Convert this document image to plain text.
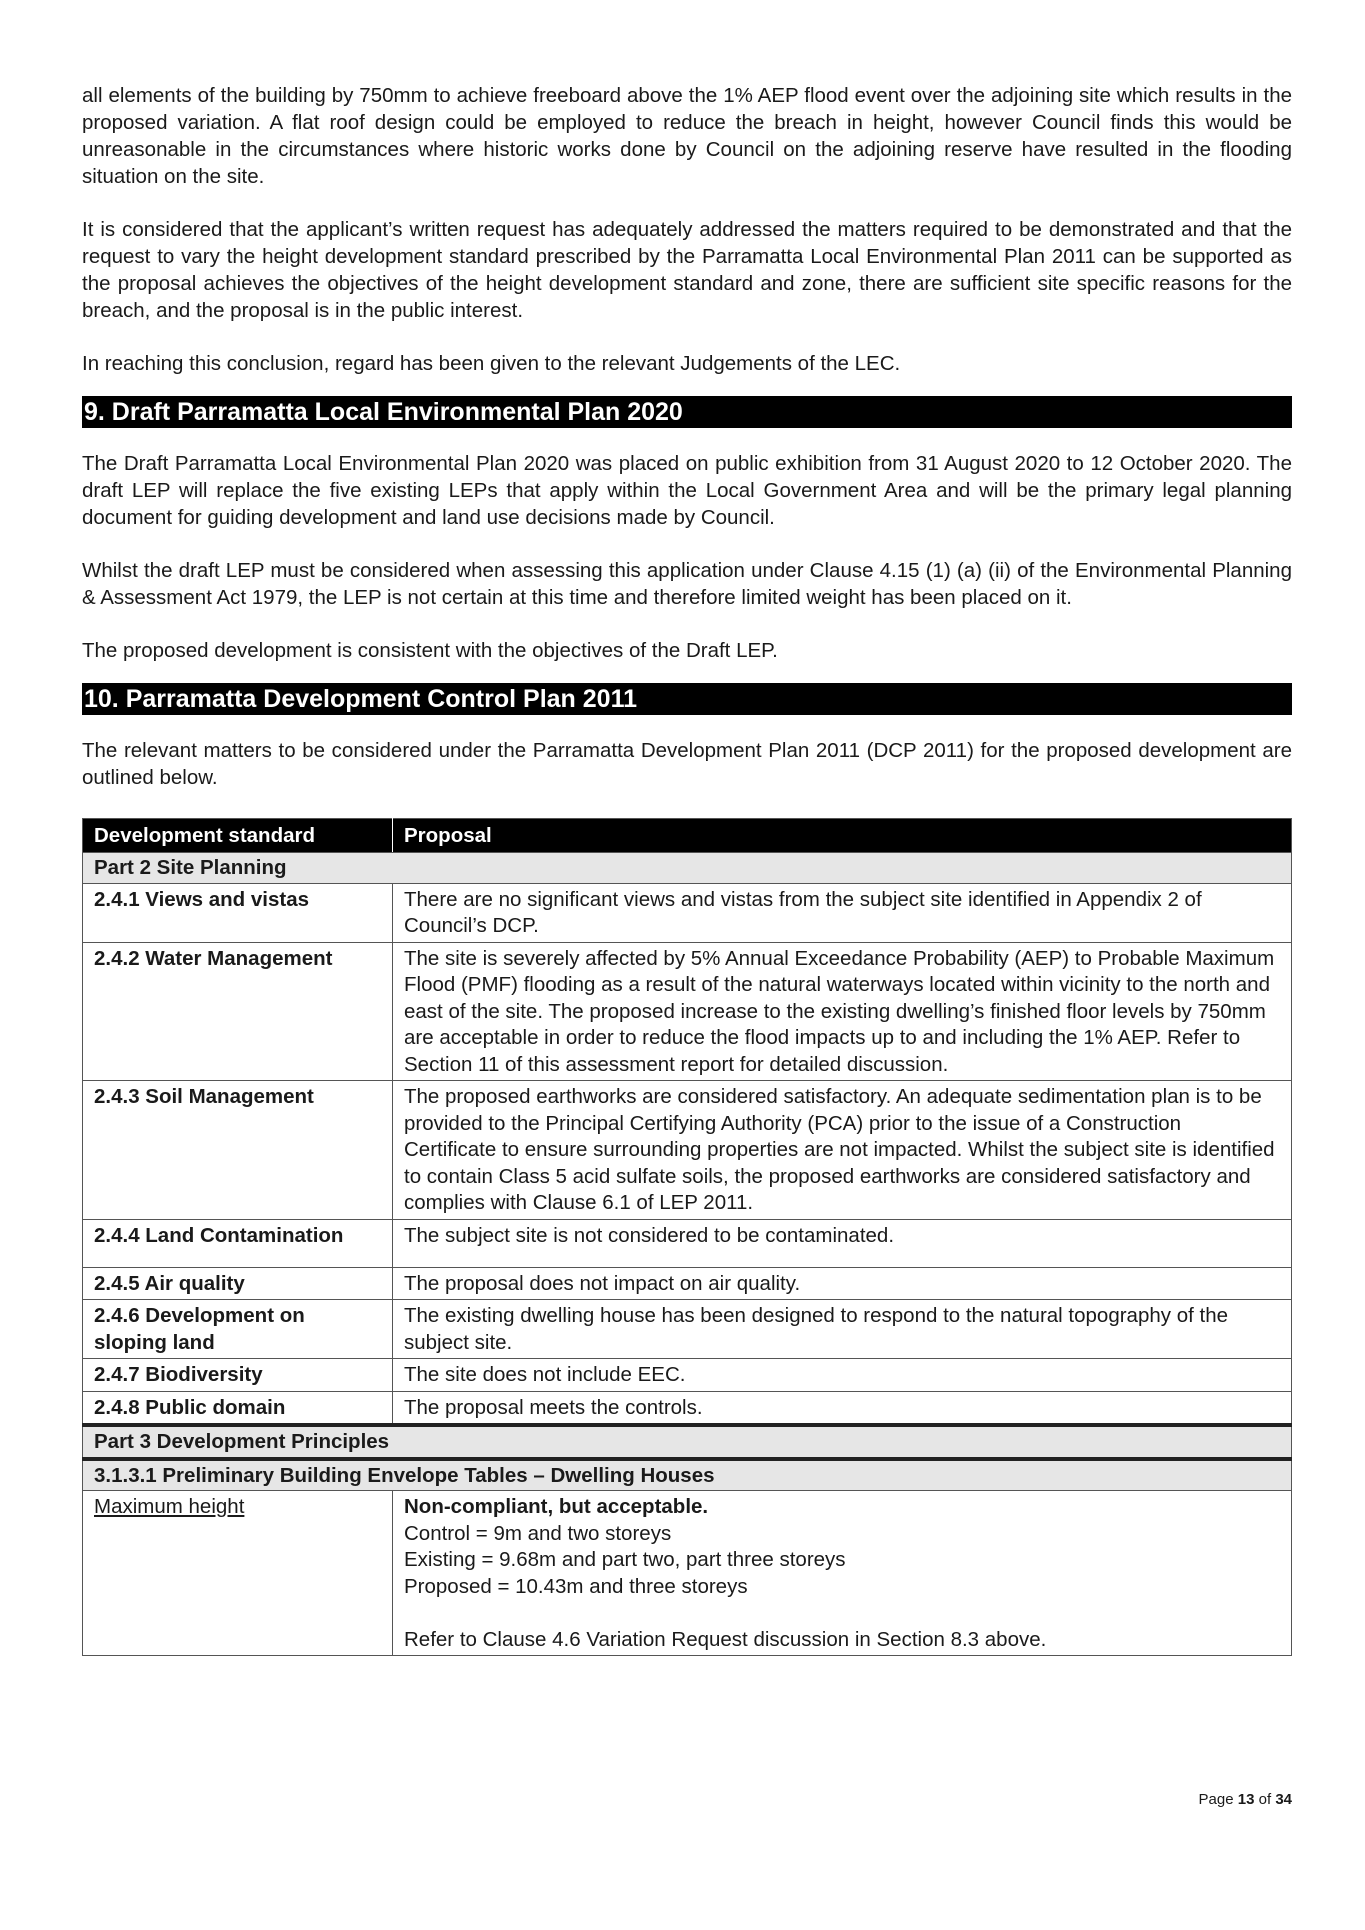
all elements of the building by 750mm to achieve freeboard above the 1% AEP flood event over the adjoining site which results in the proposed variation. A flat roof design could be employed to reduce the breach in height, however Council finds this would be unreasonable in the circumstances where historic works done by Council on the adjoining reserve have resulted in the flooding situation on the site.

It is considered that the applicant’s written request has adequately addressed the matters required to be demonstrated and that the request to vary the height development standard prescribed by the Parramatta Local Environmental Plan 2011 can be supported as the proposal achieves the objectives of the height development standard and zone, there are sufficient site specific reasons for the breach, and the proposal is in the public interest.

In reaching this conclusion, regard has been given to the relevant Judgements of the LEC.

9. Draft Parramatta Local Environmental Plan 2020

The Draft Parramatta Local Environmental Plan 2020 was placed on public exhibition from 31 August 2020 to 12 October 2020. The draft LEP will replace the five existing LEPs that apply within the Local Government Area and will be the primary legal planning document for guiding development and land use decisions made by Council.

Whilst the draft LEP must be considered when assessing this application under Clause 4.15 (1) (a) (ii) of the Environmental Planning & Assessment Act 1979, the LEP is not certain at this time and therefore limited weight has been placed on it.

The proposed development is consistent with the objectives of the Draft LEP.

10. Parramatta Development Control Plan 2011

The relevant matters to be considered under the Parramatta Development Plan 2011 (DCP 2011) for the proposed development are outlined below.

Development standard	Proposal
Part 2 Site Planning	
2.4.1 Views and vistas	There are no significant views and vistas from the subject site identified in Appendix 2 of Council’s DCP.
2.4.2 Water Management	The site is severely affected by 5% Annual Exceedance Probability (AEP) to Probable Maximum Flood (PMF) flooding as a result of the natural waterways located within vicinity to the north and east of the site. The proposed increase to the existing dwelling’s finished floor levels by 750mm are acceptable in order to reduce the flood impacts up to and including the 1% AEP. Refer to Section 11 of this assessment report for detailed discussion.
2.4.3 Soil Management	The proposed earthworks are considered satisfactory. An adequate sedimentation plan is to be provided to the Principal Certifying Authority (PCA) prior to the issue of a Construction Certificate to ensure surrounding properties are not impacted. Whilst the subject site is identified to contain Class 5 acid sulfate soils, the proposed earthworks are considered satisfactory and complies with Clause 6.1 of LEP 2011.
2.4.4 Land Contamination	The subject site is not considered to be contaminated.
2.4.5 Air quality	The proposal does not impact on air quality.
2.4.6 Development on sloping land	The existing dwelling house has been designed to respond to the natural topography of the subject site.
2.4.7 Biodiversity	The site does not include EEC.
2.4.8 Public domain	The proposal meets the controls.
Part 3 Development Principles	
3.1.3.1 Preliminary Building Envelope Tables – Dwelling Houses	
Maximum height	Non-compliant, but acceptable.
Control = 9m and two storeys
Existing = 9.68m and part two, part three storeys
Proposed = 10.43m and three storeys
Refer to Clause 4.6 Variation Request discussion in Section 8.3 above.
Page 13 of 34
